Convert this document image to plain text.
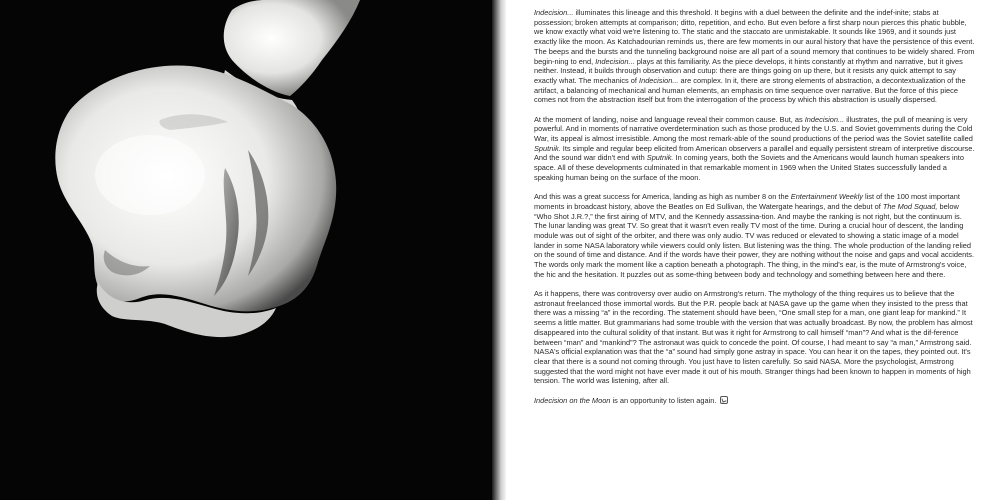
Indecision... illuminates this lineage and this threshold. It begins with a duel between the definite and the indef-inite; stabs at possession; broken attempts at comparison; ditto, repetition, and echo. But even before a first sharp noun pierces this phatic bubble, we know exactly what void we're listening to. The static and the staccato are unmistakable. It sounds like 1969, and it sounds just exactly like the moon. As Katchadourian reminds us, there are few moments in our aural history that have the persistence of this event. The beeps and the bursts and the tunneling background noise are all part of a sound memory that continues to be widely shared. From begin-ning to end, Indecision... plays at this familiarity. As the piece develops, it hints constantly at rhythm and narrative, but it gives neither. Instead, it builds through observation and cutup: there are things going on up there, but it resists any quick attempt to say exactly what. The mechanics of Indecision... are complex. In it, there are strong elements of abstraction, a decontextualization of the artifact, a balancing of mechanical and human elements, an emphasis on time sequence over narrative. But the force of this piece comes not from the abstraction itself but from the interrogation of the process by which this abstraction is usually dispersed.

At the moment of landing, noise and language reveal their common cause. But, as Indecision... illustrates, the pull of meaning is very powerful. And in moments of narrative overdetermination such as those produced by the U.S. and Soviet governments during the Cold War, its appeal is almost irresistible. Among the most remark-able of the sound productions of the period was the Soviet satellite called Sputnik. Its simple and regular beep elicited from American observers a parallel and equally persistent stream of interpretive discourse. And the sound war didn't end with Sputnik. In coming years, both the Soviets and the Americans would launch human speakers into space. All of these developments culminated in that remarkable moment in 1969 when the United States successfully landed a speaking human being on the surface of the moon.

And this was a great success for America, landing as high as number 8 on the Entertainment Weekly list of the 100 most important moments in broadcast history, above the Beatles on Ed Sullivan, the Watergate hearings, and the debut of The Mod Squad, below “Who Shot J.R.?,” the first airing of MTV, and the Kennedy assassina-tion. And maybe the ranking is not right, but the continuum is. The lunar landing was great TV. So great that it wasn't even really TV most of the time. During a crucial hour of descent, the landing module was out of sight of the orbiter, and there was only audio. TV was reduced or elevated to showing a static image of a model lander in some NASA laboratory while viewers could only listen. But listening was the thing. The whole production of the landing relied on the sound of time and distance. And if the words have their power, they are nothing without the noise and gaps and vocal accidents. The words only mark the moment like a caption beneath a photograph. The thing, in the mind's ear, is the mute of Armstrong's voice, the hic and the hesitation. It puzzles out as some-thing between body and technology and something between here and there.

As it happens, there was controversy over audio on Armstrong's return. The mythology of the thing requires us to believe that the astronaut freelanced those immortal words. But the P.R. people back at NASA gave up the game when they insisted to the press that there was a missing “a” in the recording. The statement should have been, “One small step for a man, one giant leap for mankind.” It seems a little matter. But grammarians had some trouble with the version that was actually broadcast. By now, the problem has almost disappeared into the cultural solidity of that instant. But was it right for Armstrong to call himself “man”? And what is the dif-ference between “man” and “mankind”? The astronaut was quick to concede the point. Of course, I had meant to say “a man,” Armstrong said. NASA's official explanation was that the “a” sound had simply gone astray in space. You can hear it on the tapes, they pointed out. It's clear that there is a sound not coming through. You just have to listen carefully. So said NASA. More the psychologist, Armstrong suggested that the word might not have ever made it out of his mouth. Stranger things had been known to happen in moments of high tension. The world was listening, after all.

Indecision on the Moon is an opportunity to listen again.
